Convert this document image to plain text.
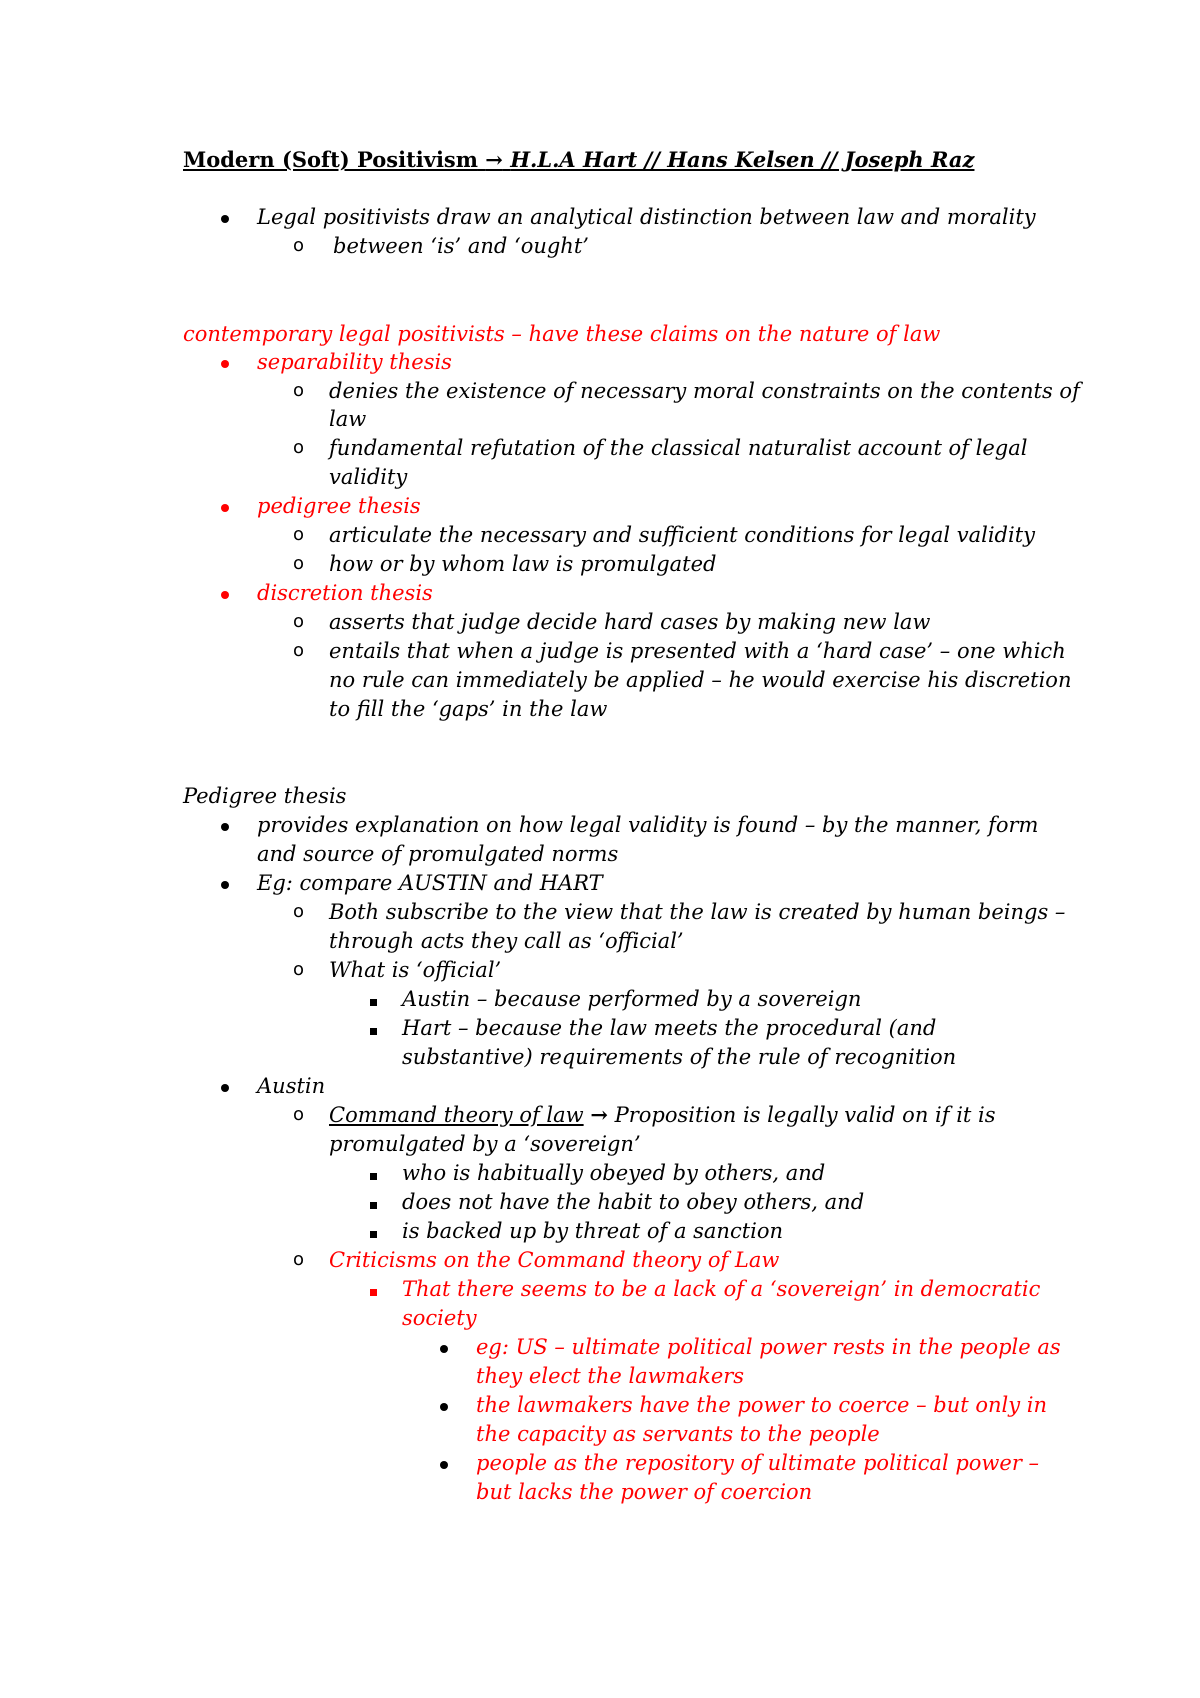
Modern (Soft) Positivism → H.L.A Hart // Hans Kelsen // Joseph Raz
Legal positivists draw an analytical distinction between law and morality
o between ‘is’ and ‘ought’
contemporary legal positivists – have these claims on the nature of law
separability thesis
o denies the existence of necessary moral constraints on the contents of
law
o fundamental refutation of the classical naturalist account of legal
validity
pedigree thesis
o articulate the necessary and sufficient conditions for legal validity
o how or by whom law is promulgated
discretion thesis
o asserts that judge decide hard cases by making new law
o entails that when a judge is presented with a ‘hard case’ – one which
no rule can immediately be applied – he would exercise his discretion
to fill the ‘gaps’ in the law
Pedigree thesis
provides explanation on how legal validity is found – by the manner, form
and source of promulgated norms
Eg: compare AUSTIN and HART
o Both subscribe to the view that the law is created by human beings –
through acts they call as ‘official’
o What is ‘official’
Austin – because performed by a sovereign
Hart – because the law meets the procedural (and
substantive) requirements of the rule of recognition
Austin
o Command theory of law → Proposition is legally valid on if it is
promulgated by a ‘sovereign’
who is habitually obeyed by others, and
does not have the habit to obey others, and
is backed up by threat of a sanction
o Criticisms on the Command theory of Law
That there seems to be a lack of a ‘sovereign’ in democratic
society
eg: US – ultimate political power rests in the people as
they elect the lawmakers
the lawmakers have the power to coerce – but only in
the capacity as servants to the people
people as the repository of ultimate political power –
but lacks the power of coercion
